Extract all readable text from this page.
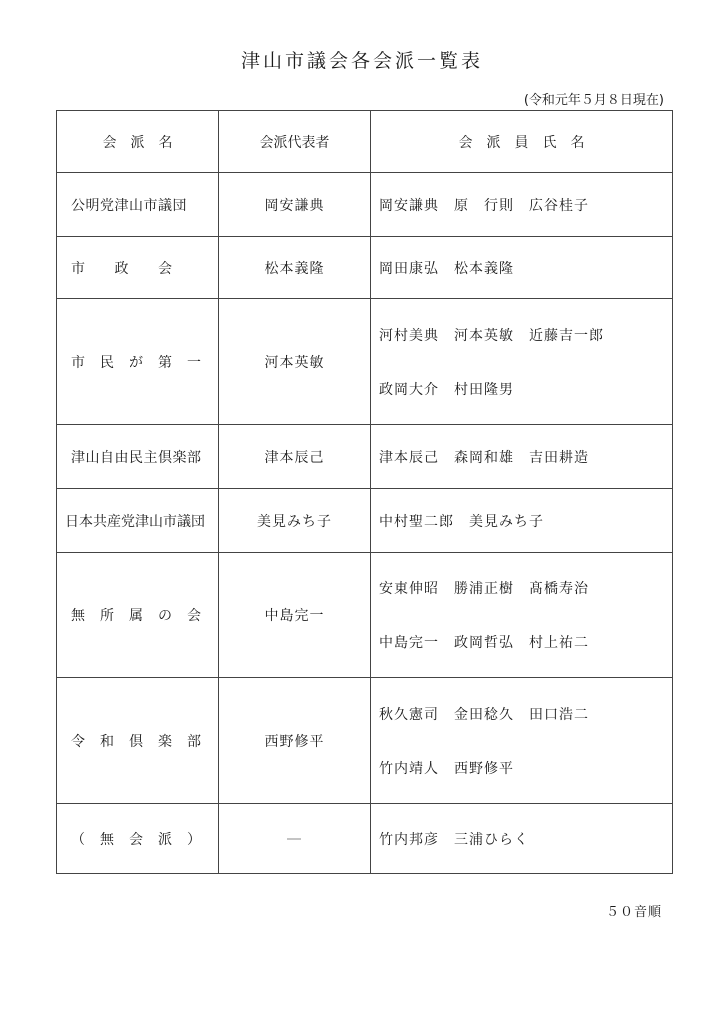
津山市議会各会派一覧表
(令和元年５月８日現在)
会　派　名	会派代表者	会　派　員　氏　名
公明党津山市議団	岡安謙典	岡安謙典　原　行則　広谷桂子

市　　政　　会	松本義隆	岡田康弘　松本義隆

市　民　が　第　一	河本英敏	河村美典　河本英敏　近藤吉一郎
政岡大介　村田隆男

津山自由民主倶楽部	津本辰己	津本辰己　森岡和雄　吉田耕造

日本共産党津山市議団	美見みち子	中村聖二郎　美見みち子

無　所　属　の　会	中島完一	安東伸昭　勝浦正樹　髙橋寿治
中島完一　政岡哲弘　村上祐二

令　和　倶　楽　部	西野修平	秋久憲司　金田稔久　田口浩二
竹内靖人　西野修平

（　無　会　派　）	―	竹内邦彦　三浦ひらく
５０音順
